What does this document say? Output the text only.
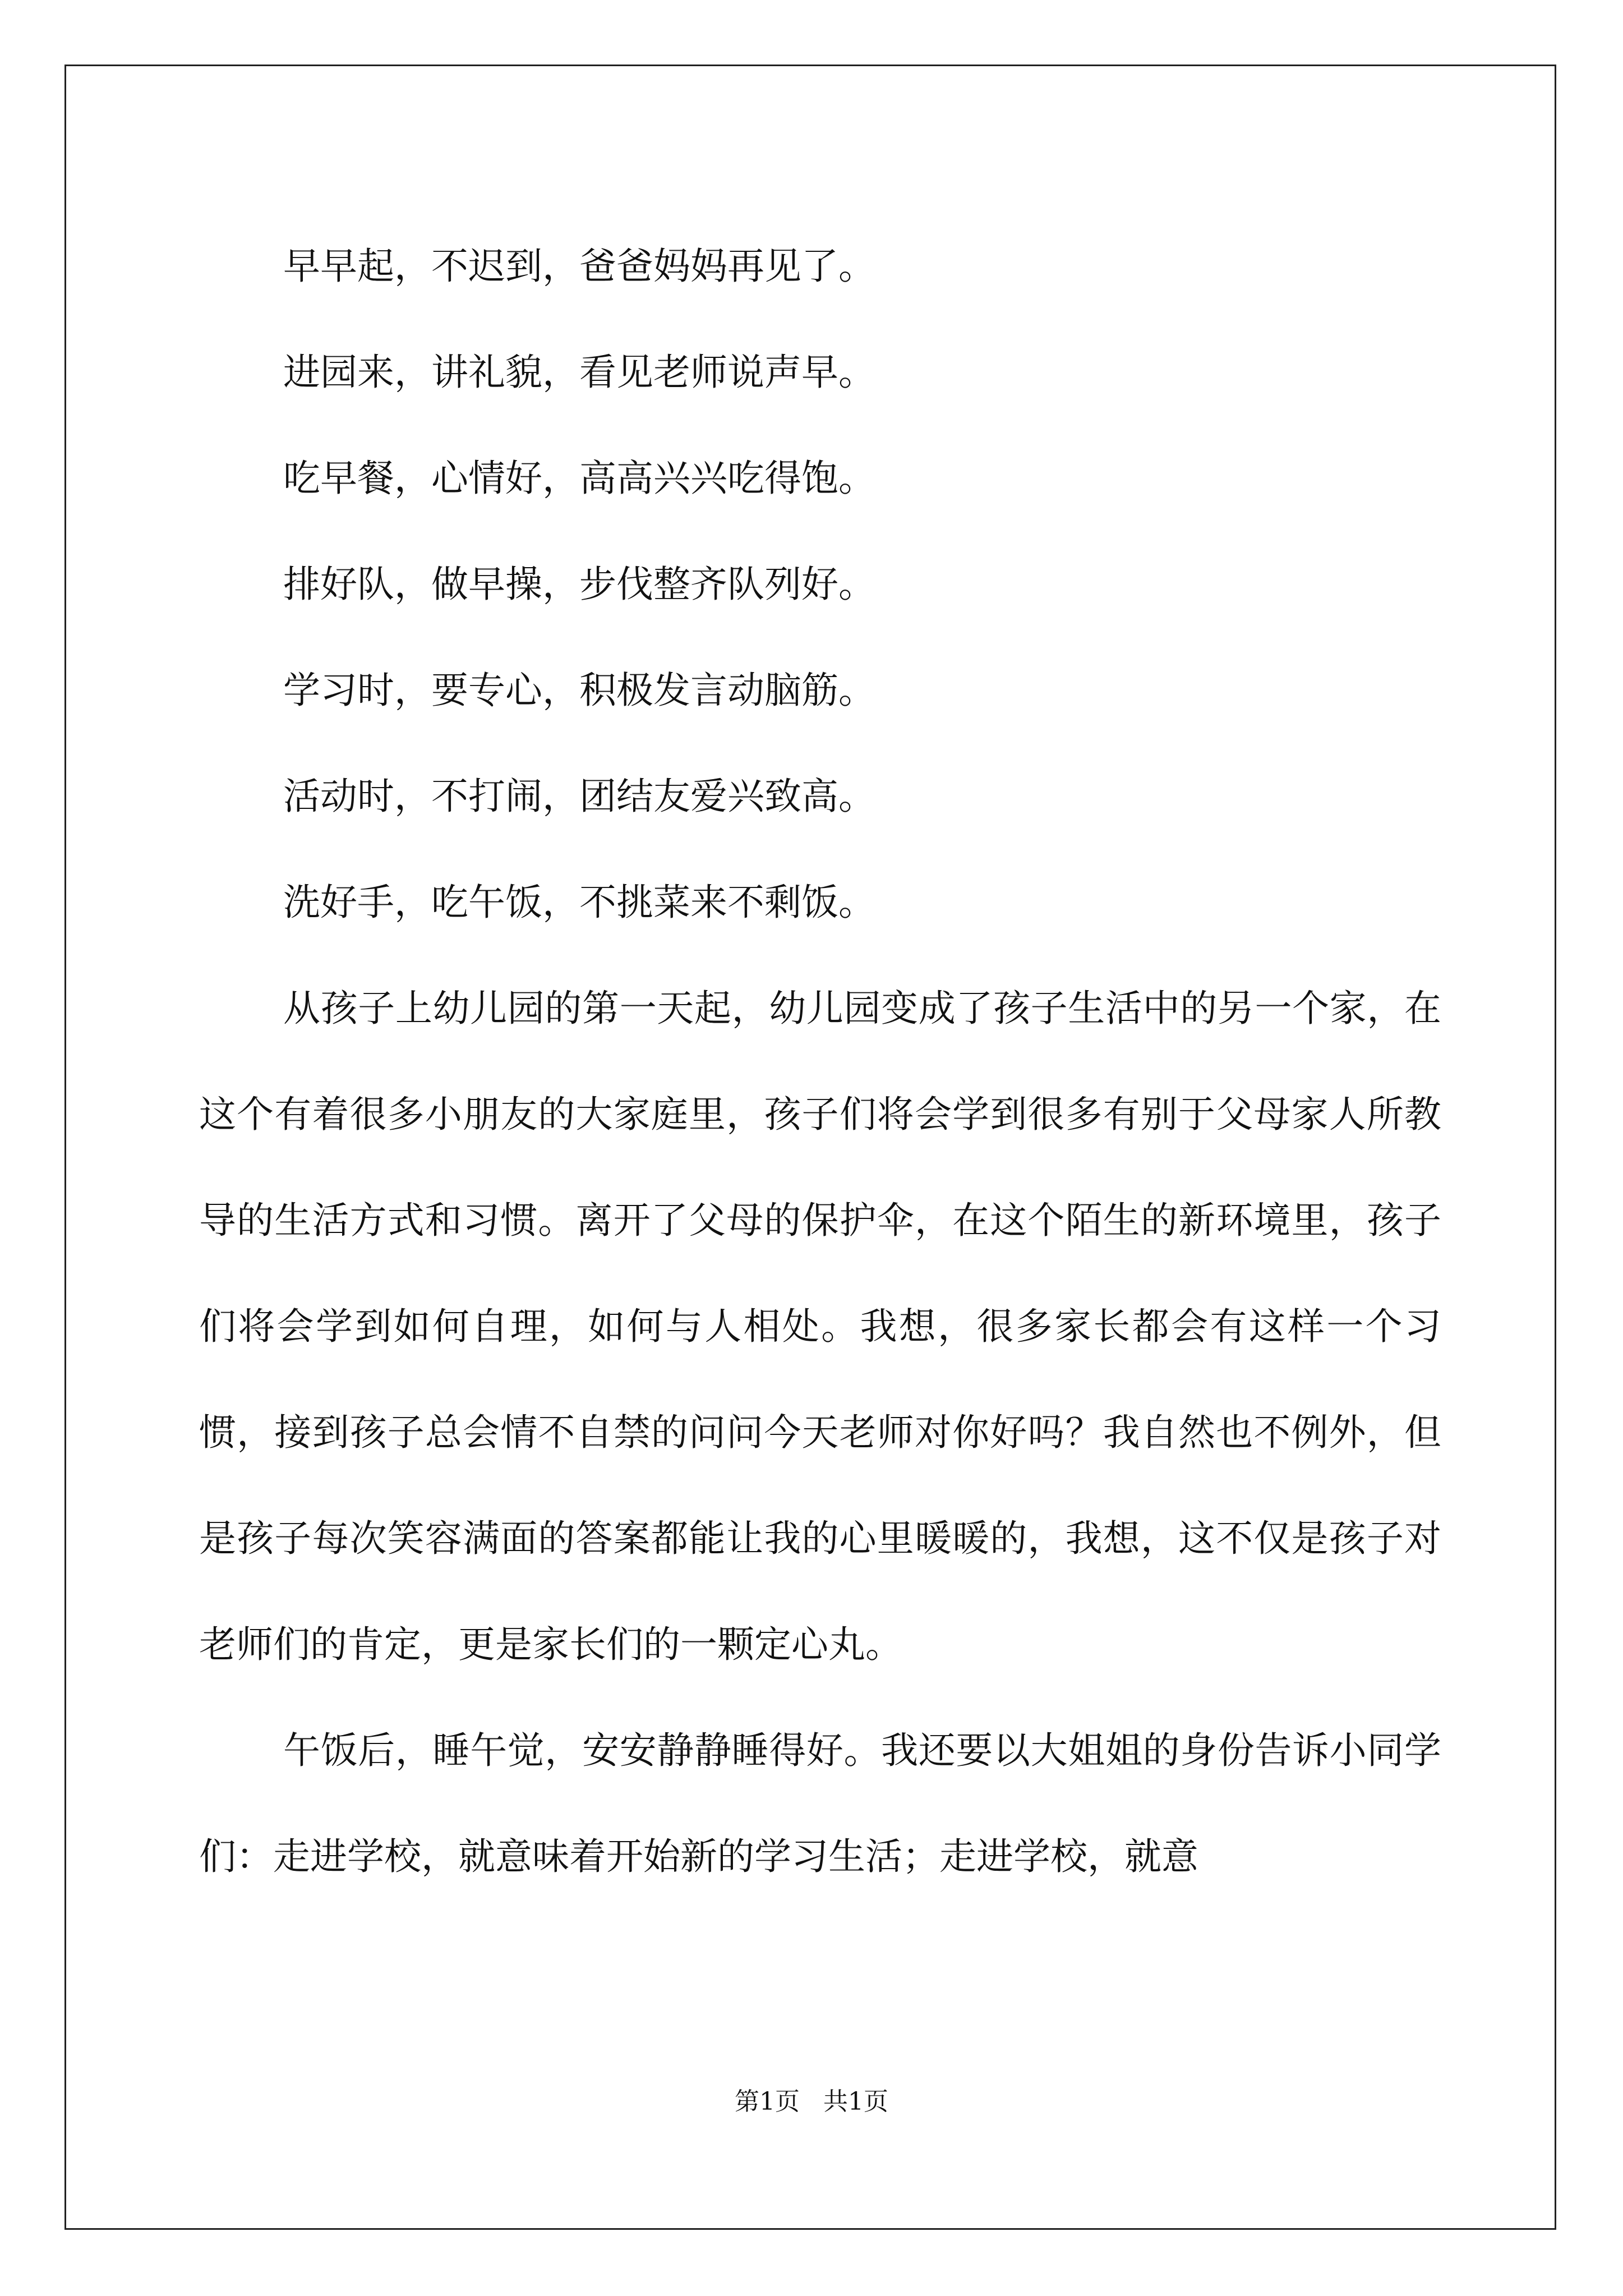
早早起，不迟到，爸爸妈妈再见了。
进园来，讲礼貌，看见老师说声早。
吃早餐，心情好，高高兴兴吃得饱。
排好队，做早操，步伐整齐队列好。
学习时，要专心，积极发言动脑筋。
活动时，不打闹，团结友爱兴致高。
洗好手，吃午饭，不挑菜来不剩饭。

从孩子上幼儿园的第一天起，幼儿园变成了孩子生活中的另一个家，在这个有着很多小朋友的大家庭里，孩子们将会学到很多有别于父母家人所教导的生活方式和习惯。离开了父母的保护伞，在这个陌生的新环境里，孩子们将会学到如何自理，如何与人相处。我想，很多家长都会有这样一个习惯，接到孩子总会情不自禁的问问今天老师对你好吗？我自然也不例外，但是孩子每次笑容满面的答案都能让我的心里暖暖的，我想，这不仅是孩子对老师们的肯定，更是家长们的一颗定心丸。

午饭后，睡午觉，安安静静睡得好。我还要以大姐姐的身份告诉小同学们：走进学校，就意味着开始新的学习生活；走进学校，就意

第1页   共1页
